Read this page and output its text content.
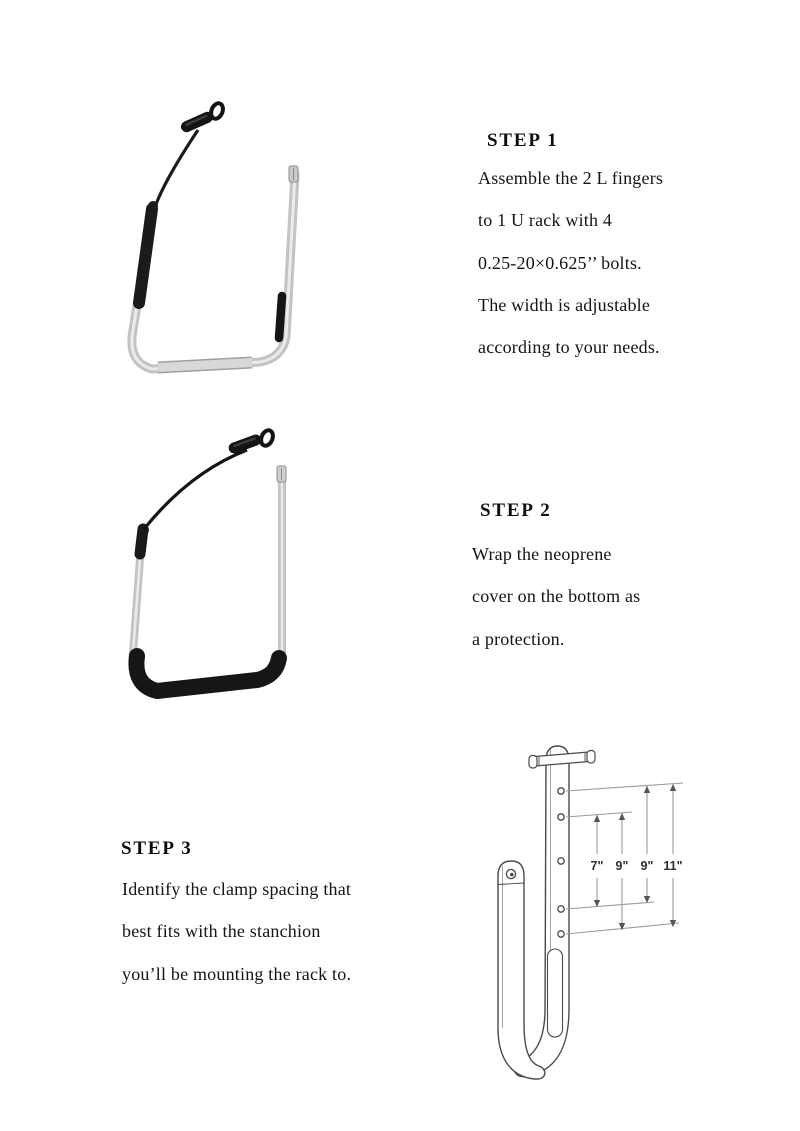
STEP 1
Assemble the 2 L fingers
to 1 U rack with 4
0.25-20×0.625’’ bolts.
The width is adjustable
according to your needs.
STEP 2
Wrap the neoprene
cover on the bottom as
a protection.
STEP 3
Identify the clamp spacing that
best fits with the stanchion
you’ll be mounting the rack to.
7" 9" 9" 11"
